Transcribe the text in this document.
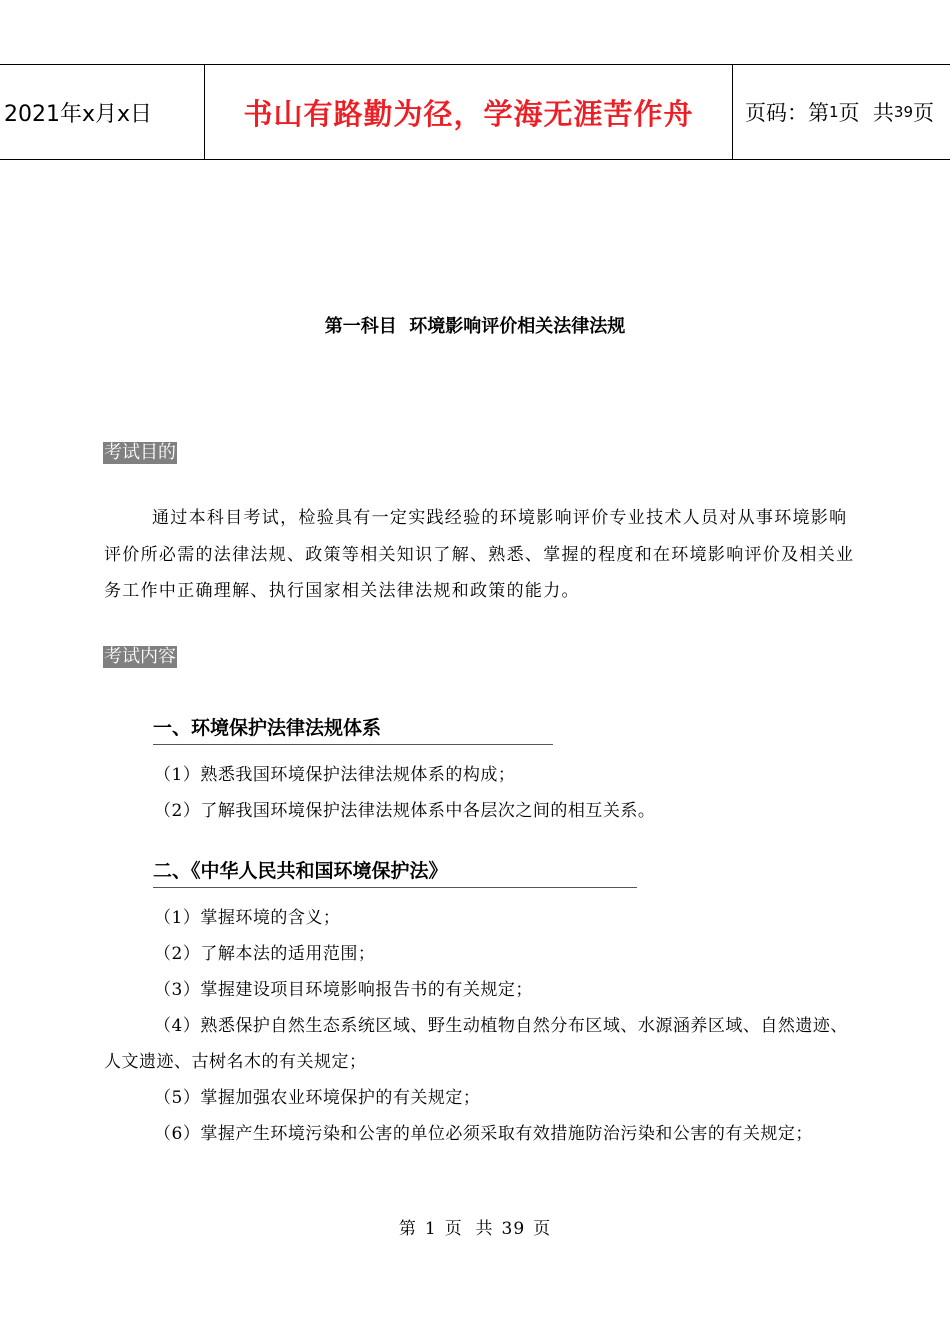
2021年x月x日	书山有路勤为径，学海无涯苦作舟	页码：第 1 页  共 39 页
第一科目  环境影响评价相关法律法规
考试目的

通过本科目考试，检验具有一定实践经验的环境影响评价专业技术人员对从事环境影响评价所必需的法律法规、政策等相关知识了解、熟悉、掌握的程度和在环境影响评价及相关业务工作中正确理解、执行国家相关法律法规和政策的能力。

考试内容
一、环境保护法律法规体系

（1）熟悉我国环境保护法律法规体系的构成；

（2）了解我国环境保护法律法规体系中各层次之间的相互关系。

二、《中华人民共和国环境保护法》

（1）掌握环境的含义；

（2）了解本法的适用范围；

（3）掌握建设项目环境影响报告书的有关规定；

（4）熟悉保护自然生态系统区域、野生动植物自然分布区域、水源涵养区域、自然遗迹、人文遗迹、古树名木的有关规定；

（5）掌握加强农业环境保护的有关规定；

（6）掌握产生环境污染和公害的单位必须采取有效措施防治污染和公害的有关规定；

第 1 页  共 39 页
